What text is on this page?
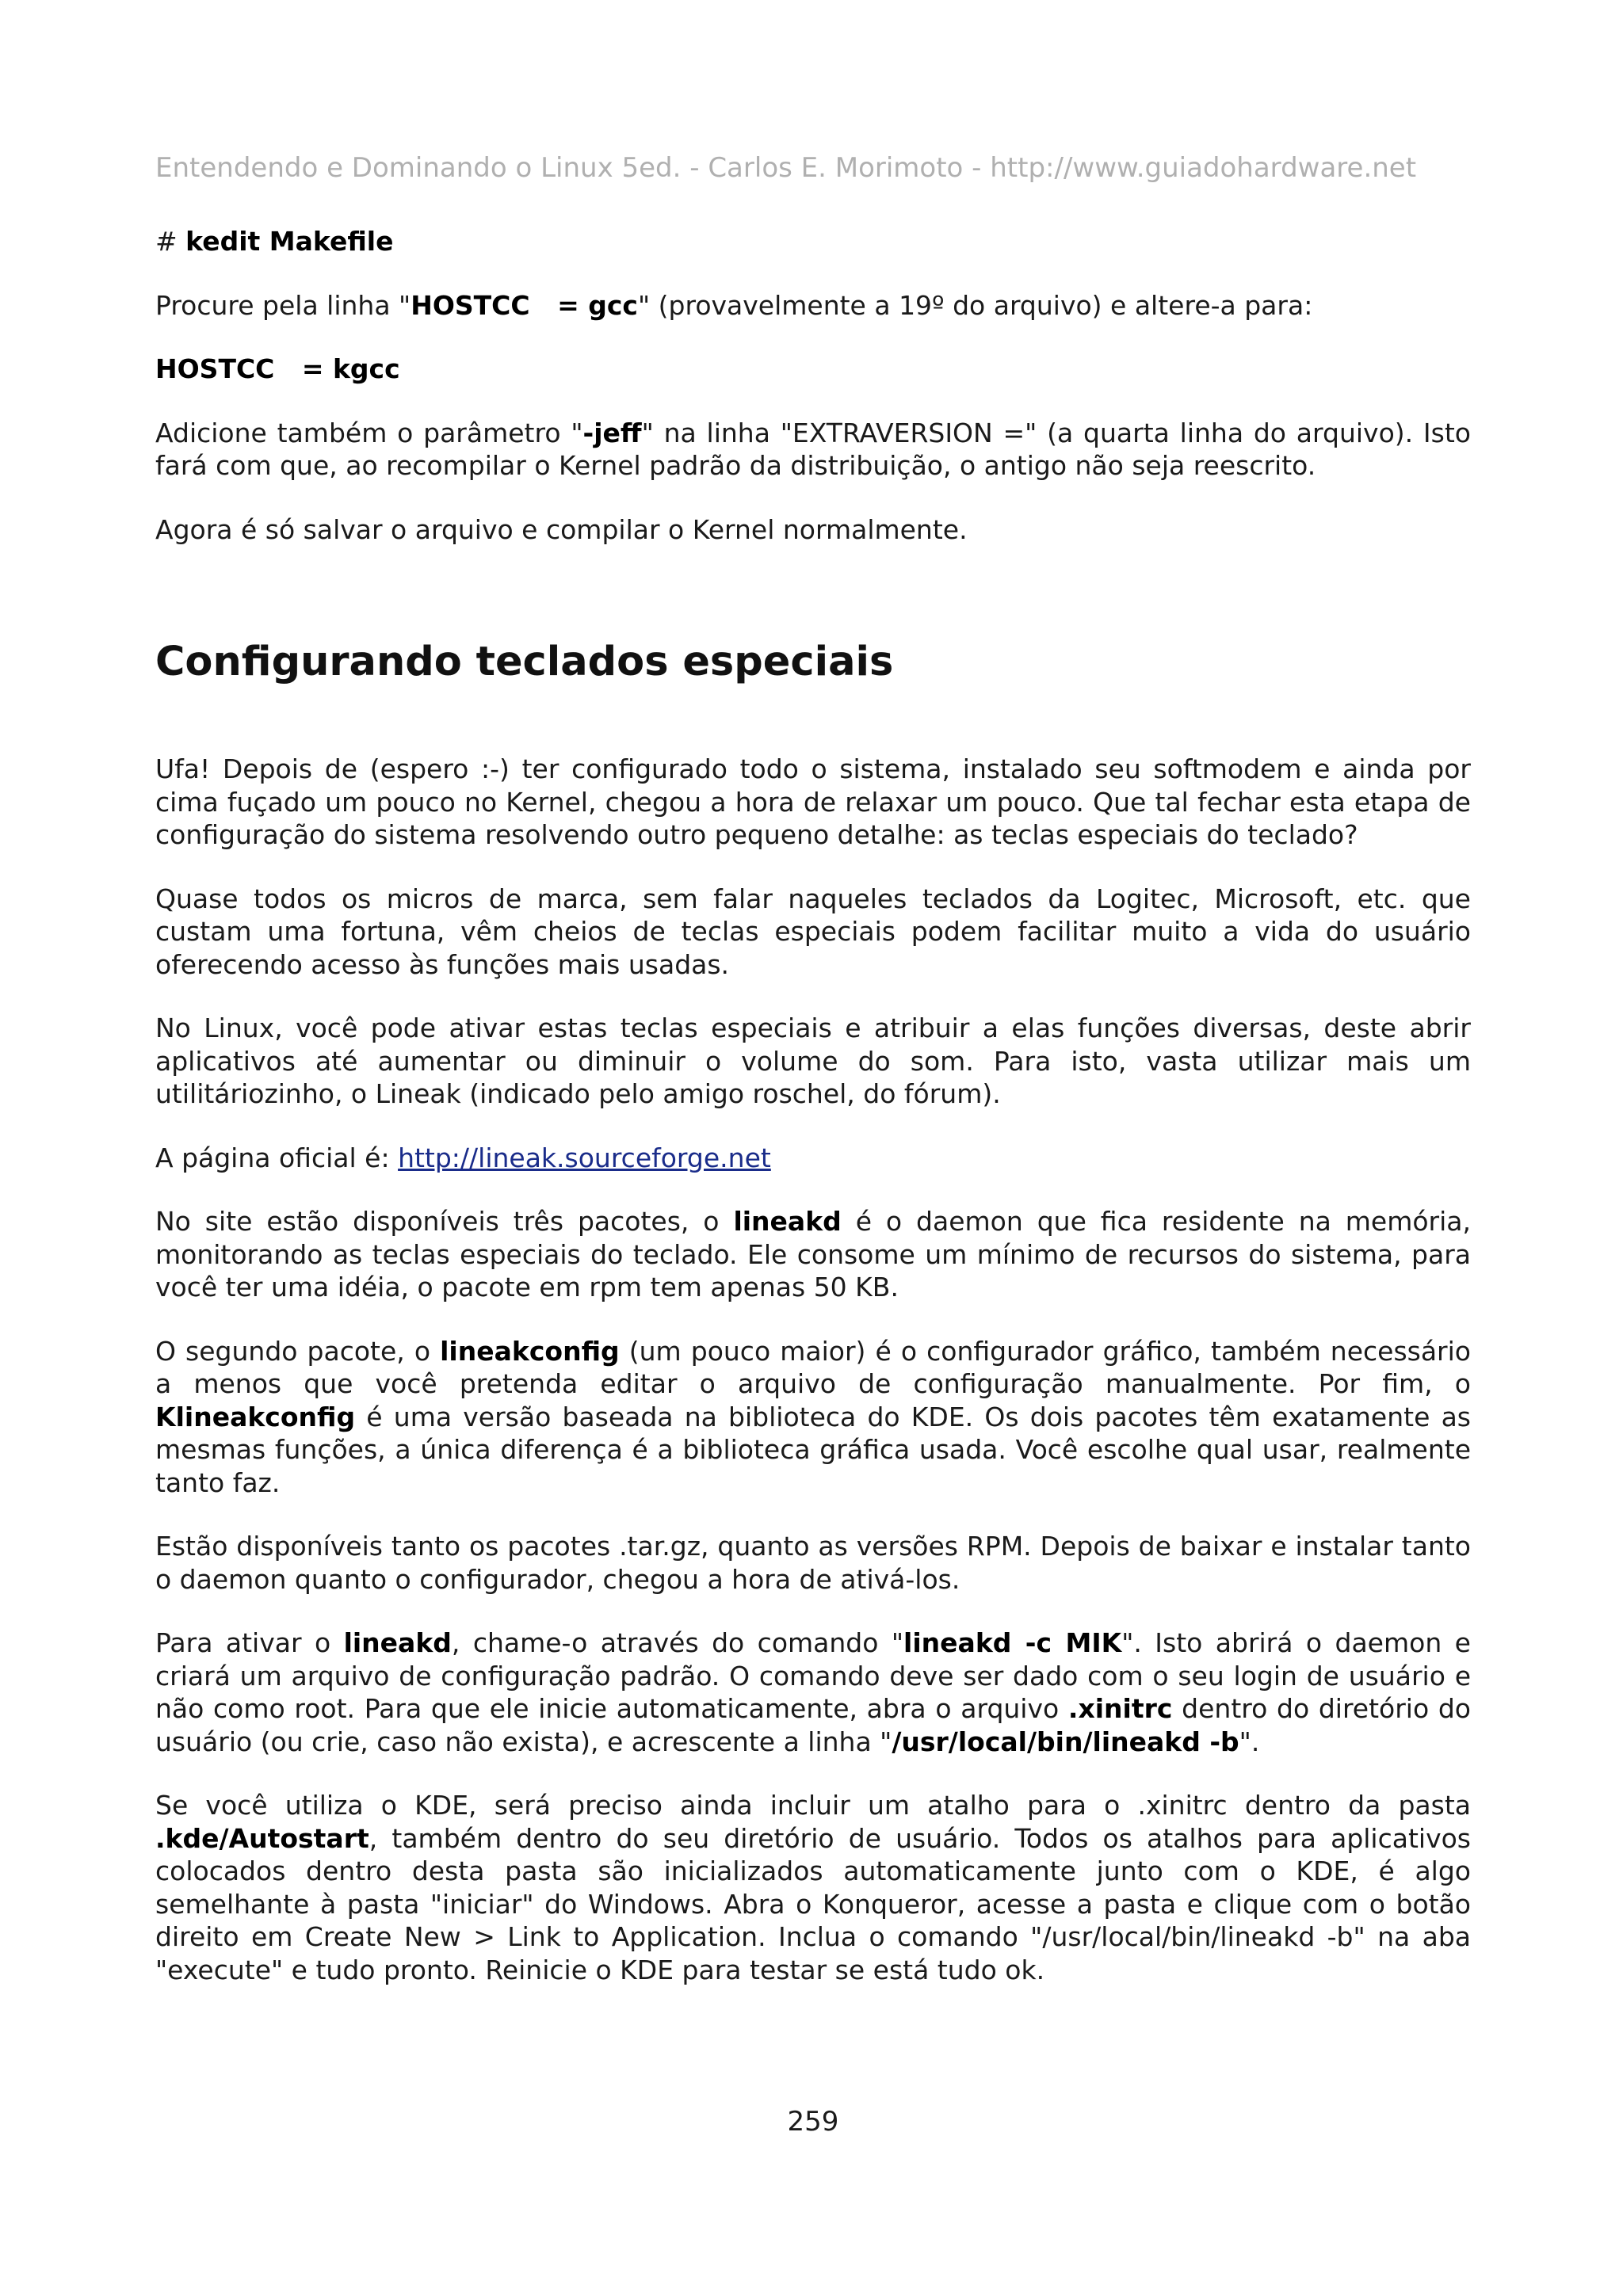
Entendendo e Dominando o Linux 5ed. - Carlos E. Morimoto - http://www.guiadohardware.net

# kedit Makefile

Procure pela linha "HOSTCC   = gcc" (provavelmente a 19º do arquivo) e altere-a para:

HOSTCC   = kgcc

Adicione também o parâmetro "-jeff" na linha "EXTRAVERSION =" (a quarta linha do arquivo). Isto fará com que, ao recompilar o Kernel padrão da distribuição, o antigo não seja reescrito.

Agora é só salvar o arquivo e compilar o Kernel normalmente.

Configurando teclados especiais

Ufa! Depois de (espero :-) ter configurado todo o sistema, instalado seu softmodem e ainda por cima fuçado um pouco no Kernel, chegou a hora de relaxar um pouco. Que tal fechar esta etapa de configuração do sistema resolvendo outro pequeno detalhe: as teclas especiais do teclado?

Quase todos os micros de marca, sem falar naqueles teclados da Logitec, Microsoft, etc. que custam uma fortuna, vêm cheios de teclas especiais podem facilitar muito a vida do usuário oferecendo acesso às funções mais usadas.

No Linux, você pode ativar estas teclas especiais e atribuir a elas funções diversas, deste abrir aplicativos até aumentar ou diminuir o volume do som. Para isto, vasta utilizar mais um utilitáriozinho, o Lineak (indicado pelo amigo roschel, do fórum).

A página oficial é: http://lineak.sourceforge.net

No site estão disponíveis três pacotes, o lineakd é o daemon que fica residente na memória, monitorando as teclas especiais do teclado. Ele consome um mínimo de recursos do sistema, para você ter uma idéia, o pacote em rpm tem apenas 50 KB.

O segundo pacote, o lineakconfig (um pouco maior) é o configurador gráfico, também necessário a menos que você pretenda editar o arquivo de configuração manualmente. Por fim, o Klineakconfig é uma versão baseada na biblioteca do KDE. Os dois pacotes têm exatamente as mesmas funções, a única diferença é a biblioteca gráfica usada. Você escolhe qual usar, realmente tanto faz.

Estão disponíveis tanto os pacotes .tar.gz, quanto as versões RPM. Depois de baixar e instalar tanto o daemon quanto o configurador, chegou a hora de ativá-los.

Para ativar o lineakd, chame-o através do comando "lineakd -c MIK". Isto abrirá o daemon e criará um arquivo de configuração padrão. O comando deve ser dado com o seu login de usuário e não como root. Para que ele inicie automaticamente, abra o arquivo .xinitrc dentro do diretório do usuário (ou crie, caso não exista), e acrescente a linha "/usr/local/bin/lineakd -b".

Se você utiliza o KDE, será preciso ainda incluir um atalho para o .xinitrc dentro da pasta .kde/Autostart, também dentro do seu diretório de usuário. Todos os atalhos para aplicativos colocados dentro desta pasta são inicializados automaticamente junto com o KDE, é algo semelhante à pasta "iniciar" do Windows. Abra o Konqueror, acesse a pasta e clique com o botão direito em Create New > Link to Application. Inclua o comando "/usr/local/bin/lineakd -b" na aba "execute" e tudo pronto. Reinicie o KDE para testar se está tudo ok.

259
